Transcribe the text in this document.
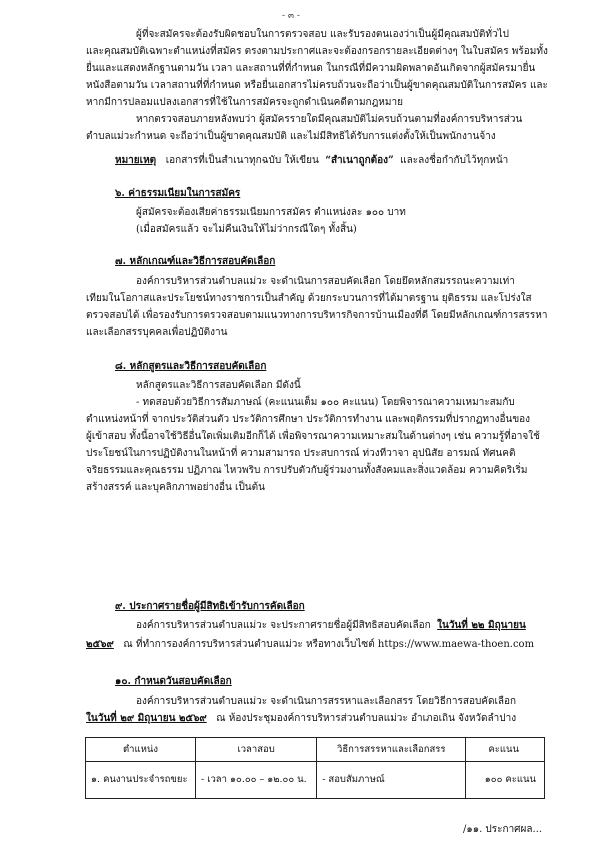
- ๓ -
ผู้ที่จะสมัครจะต้องรับผิดชอบในการตรวจสอบ และรับรองตนเองว่าเป็นผู้มีคุณสมบัติทั่วไป
และคุณสมบัติเฉพาะตำแหน่งที่สมัคร ตรงตามประกาศและจะต้องกรอกรายละเอียดต่างๆ ในใบสมัคร พร้อมทั้ง
ยื่นและแสดงหลักฐานตามวัน เวลา และสถานที่ที่กำหนด ในกรณีที่มีความผิดพลาดอันเกิดจากผู้สมัครมายื่น
หนังสือตามวัน เวลาสถานที่ที่กำหนด หรือยื่นเอกสารไม่ครบถ้วนจะถือว่าเป็นผู้ขาดคุณสมบัติในการสมัคร และ
หากมีการปลอมแปลงเอกสารที่ใช้ในการสมัครจะถูกดำเนินคดีตามกฎหมาย
หากตรวจสอบภายหลังพบว่า ผู้สมัครรายใดมีคุณสมบัติไม่ครบถ้วนตามที่องค์การบริหารส่วน
ตำบลแม่วะกำหนด จะถือว่าเป็นผู้ขาดคุณสมบัติ และไม่มีสิทธิได้รับการแต่งตั้งให้เป็นพนักงานจ้าง
หมายเหตุ เอกสารที่เป็นสำเนาทุกฉบับ ให้เขียน “สำเนาถูกต้อง” และลงชื่อกำกับไว้ทุกหน้า
๖. ค่าธรรมเนียมในการสมัคร
ผู้สมัครจะต้องเสียค่าธรรมเนียมการสมัคร ตำแหน่งละ ๑๐๐ บาท
(เมื่อสมัครแล้ว จะไม่คืนเงินให้ไม่ว่ากรณีใดๆ ทั้งสิ้น)
๗. หลักเกณฑ์และวิธีการสอบคัดเลือก
องค์การบริหารส่วนตำบลแม่วะ จะดำเนินการสอบคัดเลือก โดยยึดหลักสมรรถนะความเท่า
เทียมในโอกาสและประโยชน์ทางราชการเป็นสำคัญ ด้วยกระบวนการที่ได้มาตรฐาน ยุติธรรม และโปร่งใส
ตรวจสอบได้ เพื่อรองรับการตรวจสอบตามแนวทางการบริหารกิจการบ้านเมืองที่ดี โดยมีหลักเกณฑ์การสรรหา
และเลือกสรรบุคคลเพื่อปฏิบัติงาน
๘. หลักสูตรและวิธีการสอบคัดเลือก
หลักสูตรและวิธีการสอบคัดเลือก มีดังนี้
- ทดสอบด้วยวิธีการสัมภาษณ์ (คะแนนเต็ม ๑๐๐ คะแนน) โดยพิจารณาความเหมาะสมกับ
ตำแหน่งหน้าที่ จากประวัติส่วนตัว ประวัติการศึกษา ประวัติการทำงาน และพฤติกรรมที่ปรากฏทางอื่นของ
ผู้เข้าสอบ ทั้งนี้อาจใช้วิธีอื่นใดเพิ่มเติมอีกก็ได้ เพื่อพิจารณาความเหมาะสมในด้านต่างๆ เช่น ความรู้ที่อาจใช้
ประโยชน์ในการปฏิบัติงานในหน้าที่ ความสามารถ ประสบการณ์ ท่วงทีวาจา อุปนิสัย อารมณ์ ทัศนคติ
จริยธรรมและคุณธรรม ปฏิภาณ ไหวพริบ การปรับตัวกับผู้ร่วมงานทั้งสังคมและสิ่งแวดล้อม ความคิดริเริ่ม
สร้างสรรค์ และบุคลิกภาพอย่างอื่น เป็นต้น
๙. ประกาศรายชื่อผู้มีสิทธิเข้ารับการคัดเลือก
องค์การบริหารส่วนตำบลแม่วะ จะประกาศรายชื่อผู้มีสิทธิสอบคัดเลือก ในวันที่ ๒๒ มิถุนายน
๒๕๖๙ ณ ที่ทำการองค์การบริหารส่วนตำบลแม่วะ หรือทางเว็บไซต์ https://www.maewa-thoen.com
๑๐. กำหนดวันสอบคัดเลือก
องค์การบริหารส่วนตำบลแม่วะ จะดำเนินการสรรหาและเลือกสรร โดยวิธีการสอบคัดเลือก
ในวันที่ ๒๙ มิถุนายน ๒๕๖๙ ณ ห้องประชุมองค์การบริหารส่วนตำบลแม่วะ อำเภอเถิน จังหวัดลำปาง
ตำแหน่ง	เวลาสอบ	วิธีการสรรหาและเลือกสรร	คะแนน
๑. คนงานประจำรถขยะ	- เวลา ๑๐.๐๐ – ๑๒.๐๐ น.	- สอบสัมภาษณ์	๑๐๐ คะแนน
/๑๑. ประกาศผล...
